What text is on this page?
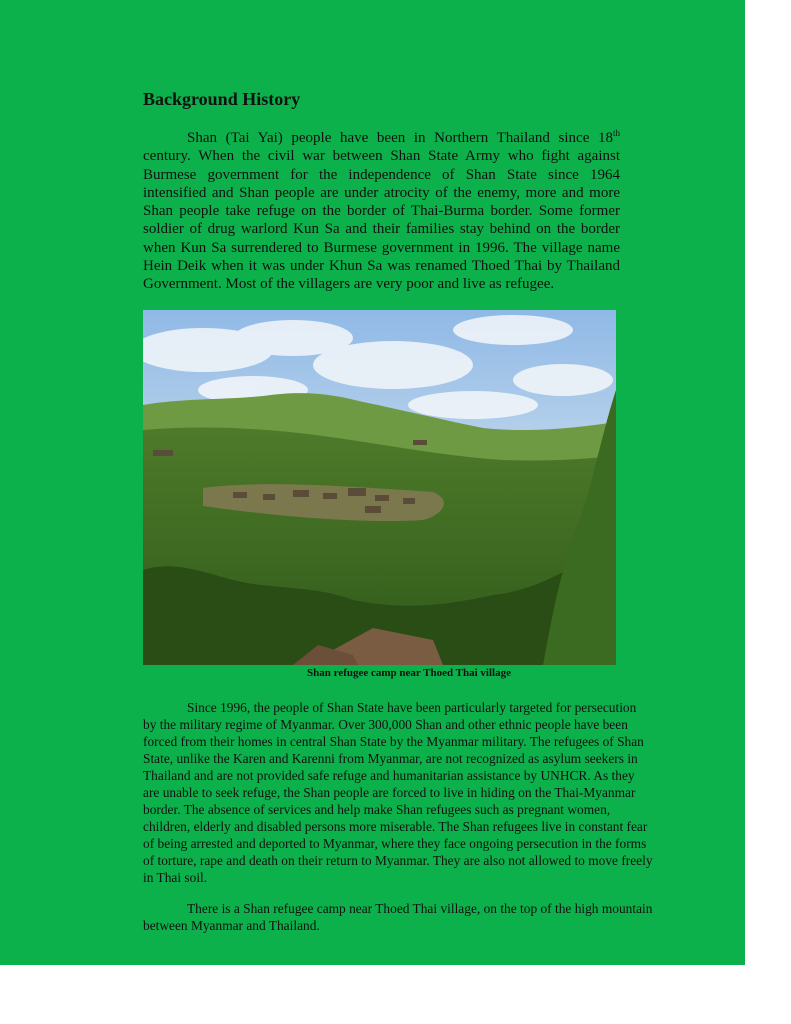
Background History

Shan (Tai Yai) people have been in Northern Thailand since 18th century. When the civil war between Shan State Army who fight against Burmese government for the independence of Shan State since 1964 intensified and Shan people are under atrocity of the enemy, more and more Shan people take refuge on the border of Thai-Burma border. Some former soldier of drug warlord Kun Sa and their families stay behind on the border when Kun Sa surrendered to Burmese government in 1996. The village name Hein Deik when it was under Khun Sa was renamed Thoed Thai by Thailand Government. Most of the villagers are very poor and live as refugee.

Shan refugee camp near Thoed Thai village

Since 1996, the people of Shan State have been particularly targeted for persecution by the military regime of Myanmar. Over 300,000 Shan and other ethnic people have been forced from their homes in central Shan State by the Myanmar military. The refugees of Shan State, unlike the Karen and Karenni from Myanmar, are not recognized as asylum seekers in Thailand and are not provided safe refuge and humanitarian assistance by UNHCR. As they are unable to seek refuge, the Shan people are forced to live in hiding on the Thai-Myanmar border. The absence of services and help make Shan refugees such as pregnant women, children, elderly and disabled persons more miserable. The Shan refugees live in constant fear of being arrested and deported to Myanmar, where they face ongoing persecution in the forms of torture, rape and death on their return to Myanmar. They are also not allowed to move freely in Thai soil.

There is a Shan refugee camp near Thoed Thai village, on the top of the high mountain between Myanmar and Thailand.
